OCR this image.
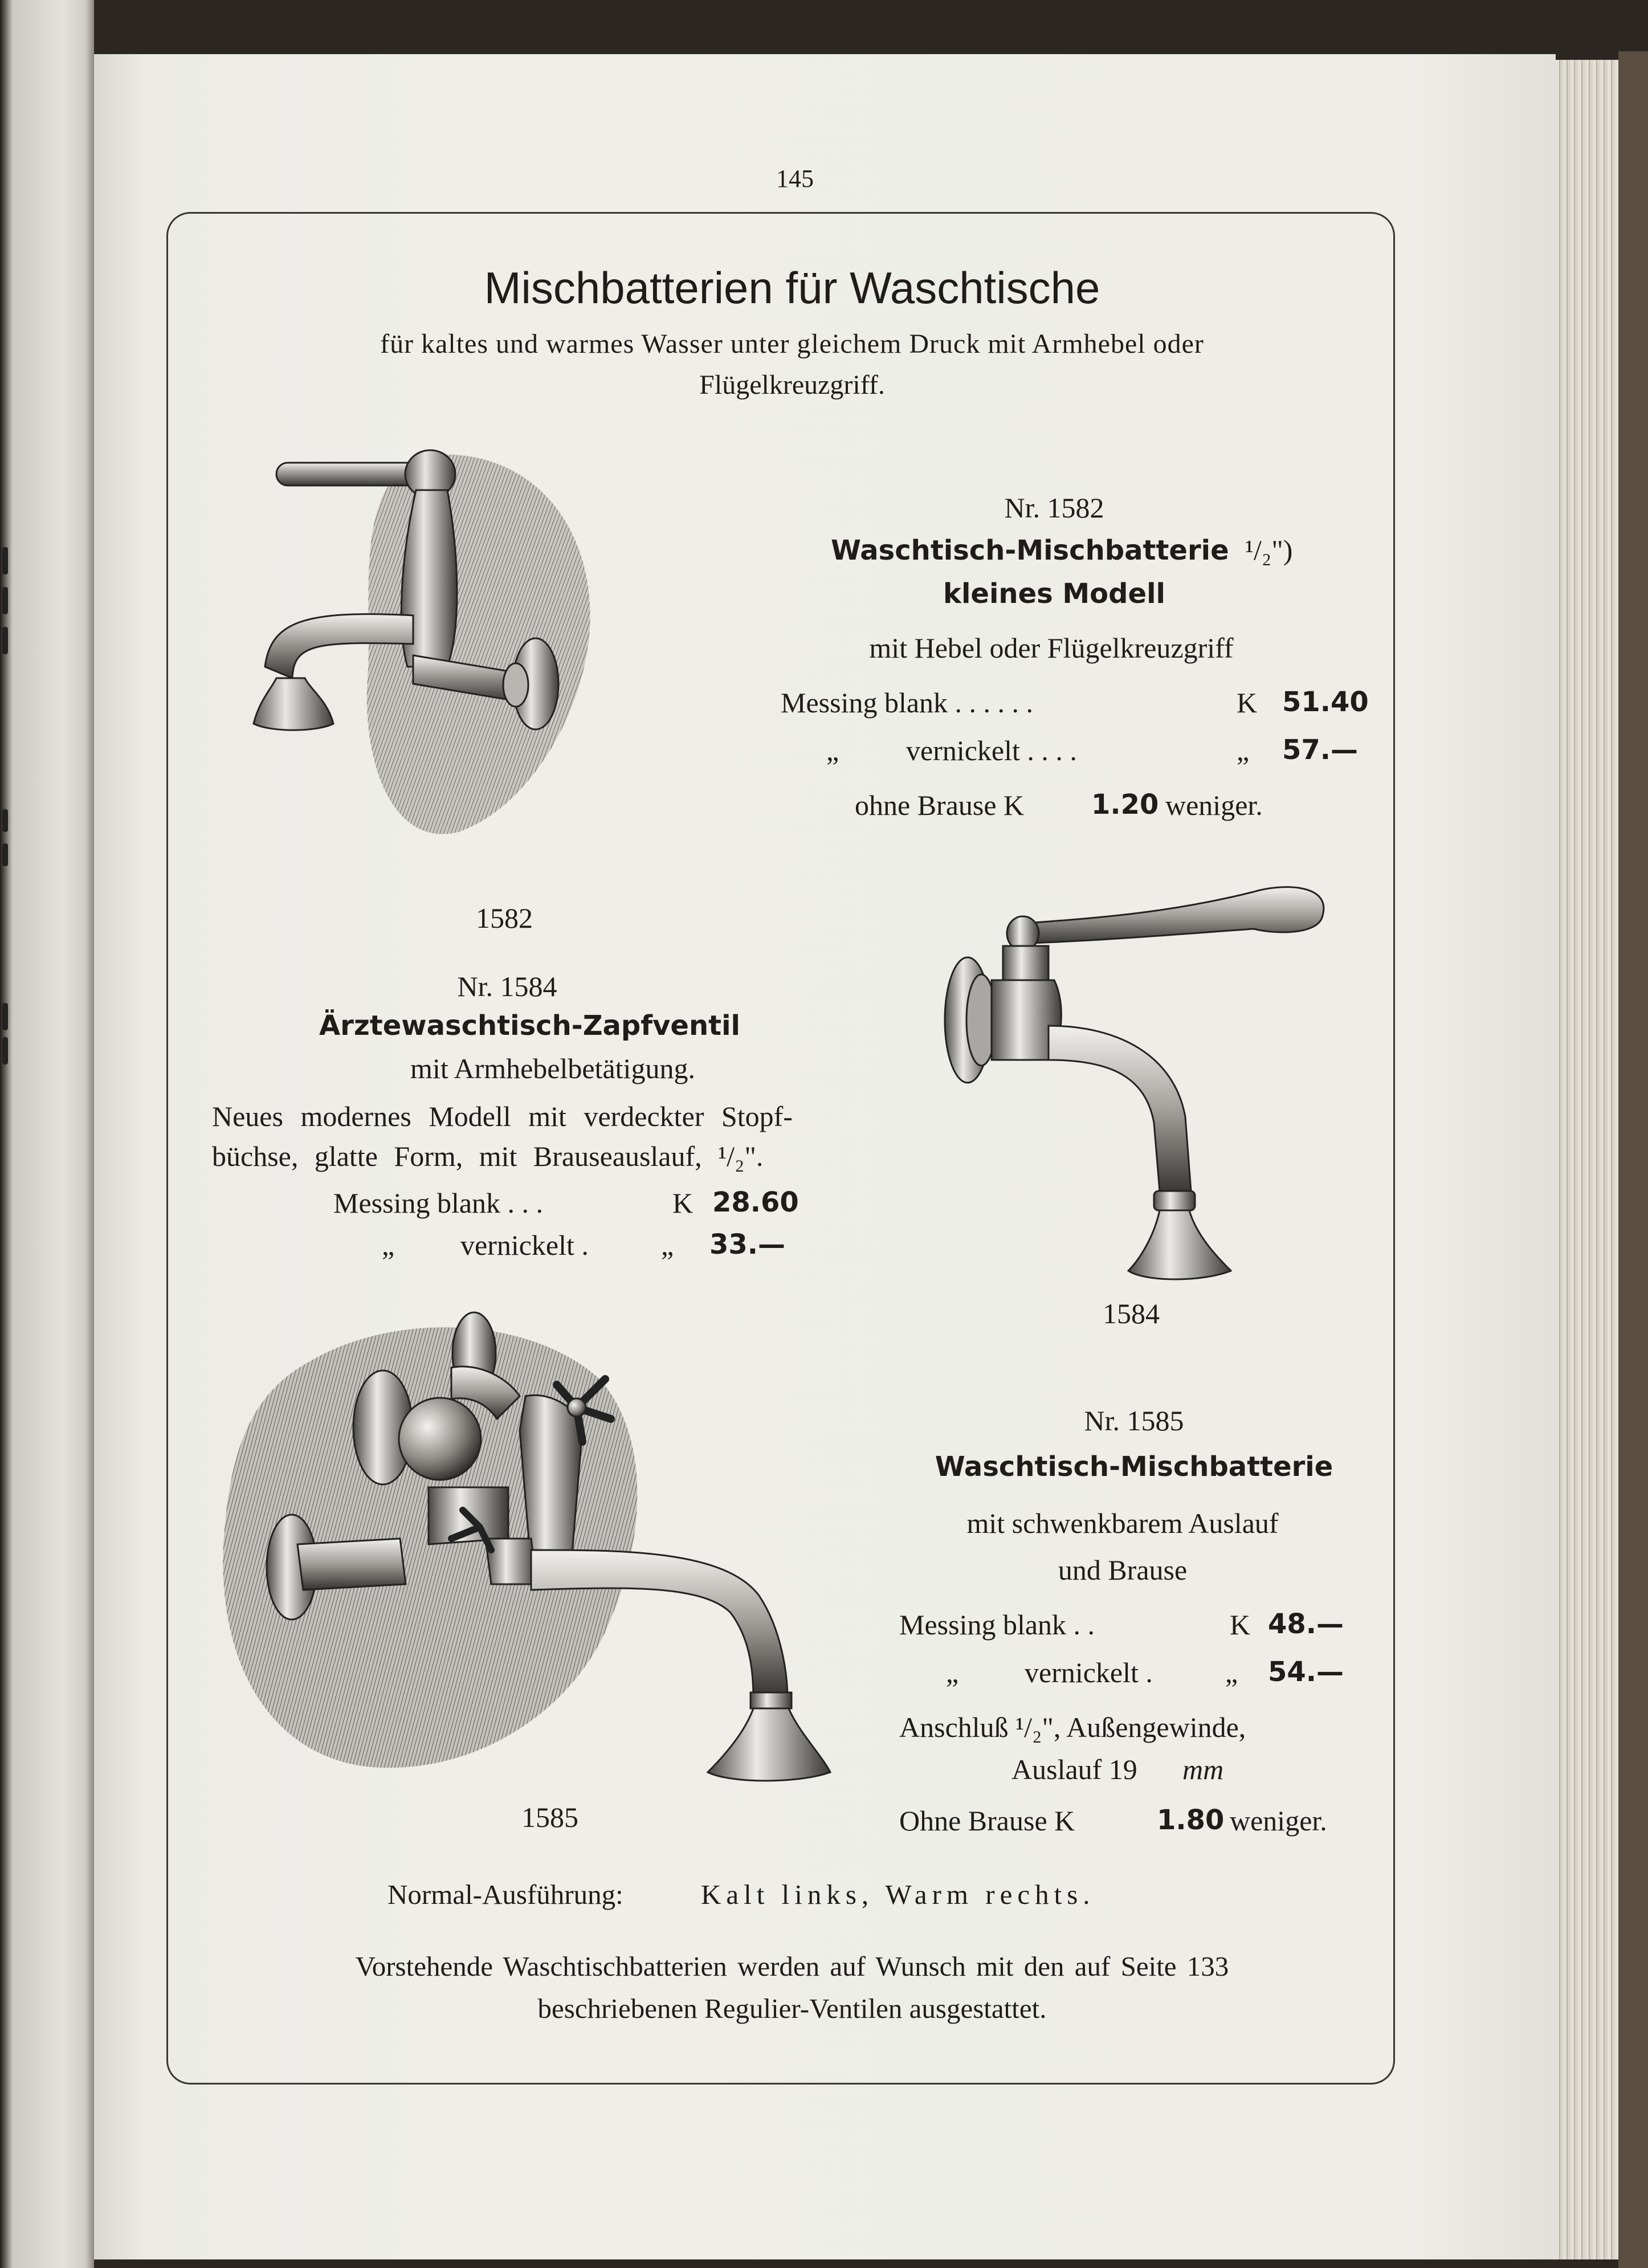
145
Mischbatterien für Waschtische
für kaltes und warmes Wasser unter gleichem Druck mit Armhebel oder
Flügelkreuzgriff.
Nr. 1582
Waschtisch-Mischbatterie ¹/₂")
kleines Modell
mit Hebel oder Flügelkreuzgriff
Messing blank . . . . . .	K 51.40
„ vernickelt . . . .	„ 57.—
ohne Brause K 1.20 weniger.
1582
Nr. 1584
Ärztewaschtisch-Zapfventil
mit Armhebelbetätigung.
Neues modernes Modell mit verdeckter Stopf-
büchse, glatte Form, mit Brauseauslauf, ¹/₂".
Messing blank . . .	K 28.60
„ vernickelt .	„ 33.—
1584
Nr. 1585
Waschtisch-Mischbatterie
mit schwenkbarem Auslauf
und Brause
Messing blank . .	K 48.—
„ vernickelt .	„ 54.—
Anschluß ¹/₂", Außengewinde,
Auslauf 19 mm
Ohne Brause K	1.80 weniger.
1585
Normal-Ausführung:	Kalt links, Warm rechts.
Vorstehende Waschtischbatterien werden auf Wunsch mit den auf Seite 133
beschriebenen Regulier-Ventilen ausgestattet.
